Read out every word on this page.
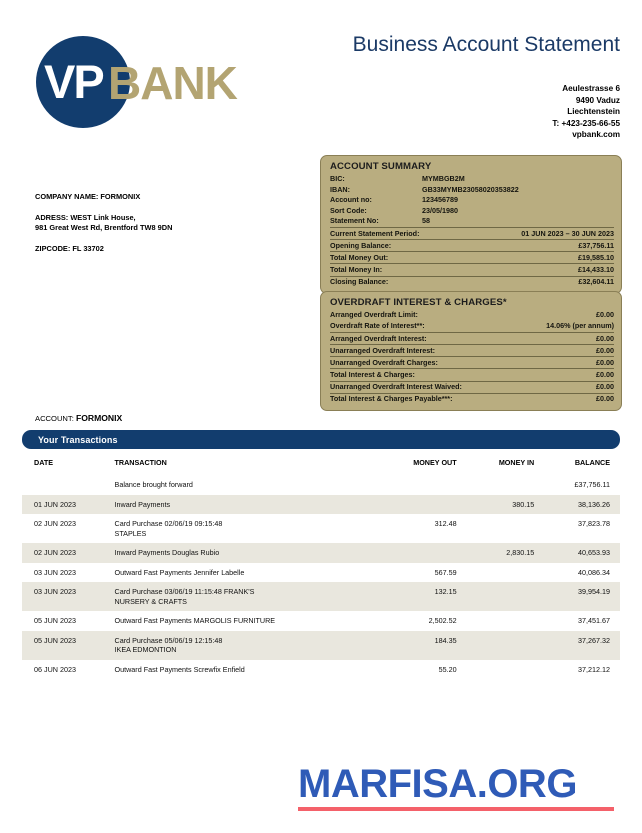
BANK
VP
Business Account Statement
Aeulestrasse 6
9490 Vaduz
Liechtenstein
T: +423-235-66-55
vpbank.com
COMPANY NAME: FORMONIX
ADRESS: WEST Link House,
981 Great West Rd, Brentford TW8 9DN
ZIPCODE: FL 33702
ACCOUNT SUMMARY
BIC:	MYMBGB2M
IBAN:	GB33MYMB23058020353822
Account no:	123456789
Sort Code:	23/05/1980
Statement No:	58
Current Statement Period:	01 JUN 2023 – 30 JUN 2023
Opening Balance:	£37,756.11
Total Money Out:	£19,585.10
Total Money In:	£14,433.10
Closing Balance:	£32,604.11
OVERDRAFT INTEREST & CHARGES*
Arranged Overdraft Limit:	£0.00
Overdraft Rate of Interest**:	14.06% (per annum)
Arranged Overdraft Interest:	£0.00
Unarranged Overdraft Interest:	£0.00
Unarranged Overdraft Charges:	£0.00
Total Interest & Charges:	£0.00
Unarranged Overdraft Interest Waived:	£0.00
Total Interest & Charges Payable***:	£0.00
ACCOUNT: FORMONIX
Your Transactions
DATE	TRANSACTION	MONEY OUT	MONEY IN	BALANCE
	Balance brought forward			£37,756.11
01 JUN 2023	Inward Payments		380.15	38,136.26
02 JUN 2023	Card Purchase 02/06/19 09:15:48
STAPLES	312.48		37,823.78
02 JUN 2023	Inward Payments Douglas Rubio		2,830.15	40,653.93
03 JUN 2023	Outward Fast Payments Jennifer Labelle	567.59		40,086.34
03 JUN 2023	Card Purchase 03/06/19 11:15:48 FRANK'S
NURSERY & CRAFTS	132.15		39,954.19
05 JUN 2023	Outward Fast Payments MARGOLIS FURNITURE	2,502.52		37,451.67
05 JUN 2023	Card Purchase 05/06/19 12:15:48
IKEA EDMONTION	184.35		37,267.32
06 JUN 2023	Outward Fast Payments Screwfix Enfield	55.20		37,212.12
MARFISA.ORG
